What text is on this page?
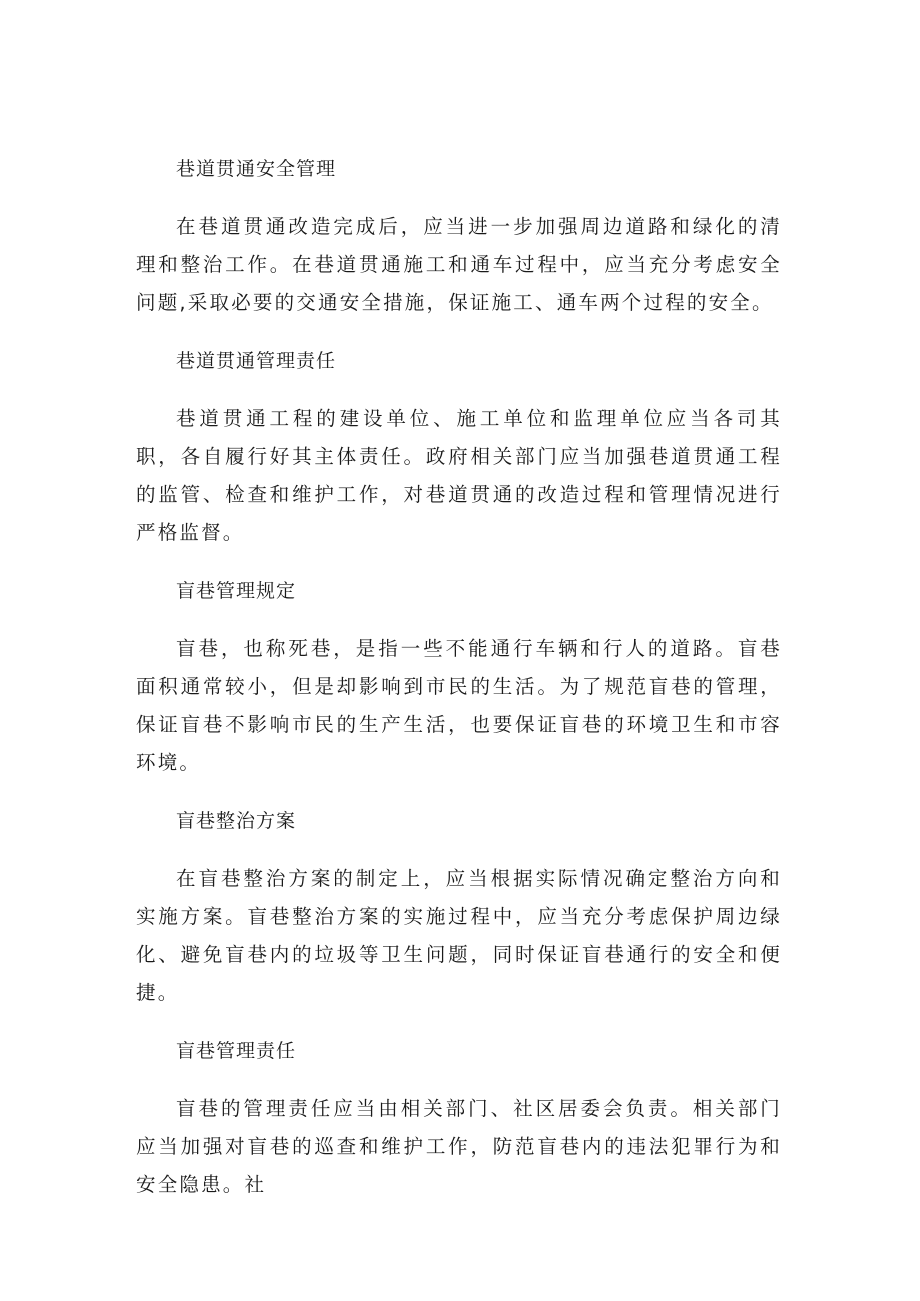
巷道贯通安全管理

在巷道贯通改造完成后，应当进一步加强周边道路和绿化的清理和整治工作。在巷道贯通施工和通车过程中，应当充分考虑安全问题,采取必要的交通安全措施，保证施工、通车两个过程的安全。

巷道贯通管理责任

巷道贯通工程的建设单位、施工单位和监理单位应当各司其职，各自履行好其主体责任。政府相关部门应当加强巷道贯通工程的监管、检查和维护工作，对巷道贯通的改造过程和管理情况进行严格监督。

盲巷管理规定

盲巷，也称死巷，是指一些不能通行车辆和行人的道路。盲巷面积通常较小，但是却影响到市民的生活。为了规范盲巷的管理，保证盲巷不影响市民的生产生活，也要保证盲巷的环境卫生和市容环境。

盲巷整治方案

在盲巷整治方案的制定上，应当根据实际情况确定整治方向和实施方案。盲巷整治方案的实施过程中，应当充分考虑保护周边绿化、避免盲巷内的垃圾等卫生问题，同时保证盲巷通行的安全和便捷。

盲巷管理责任

盲巷的管理责任应当由相关部门、社区居委会负责。相关部门应当加强对盲巷的巡查和维护工作，防范盲巷内的违法犯罪行为和安全隐患。社
